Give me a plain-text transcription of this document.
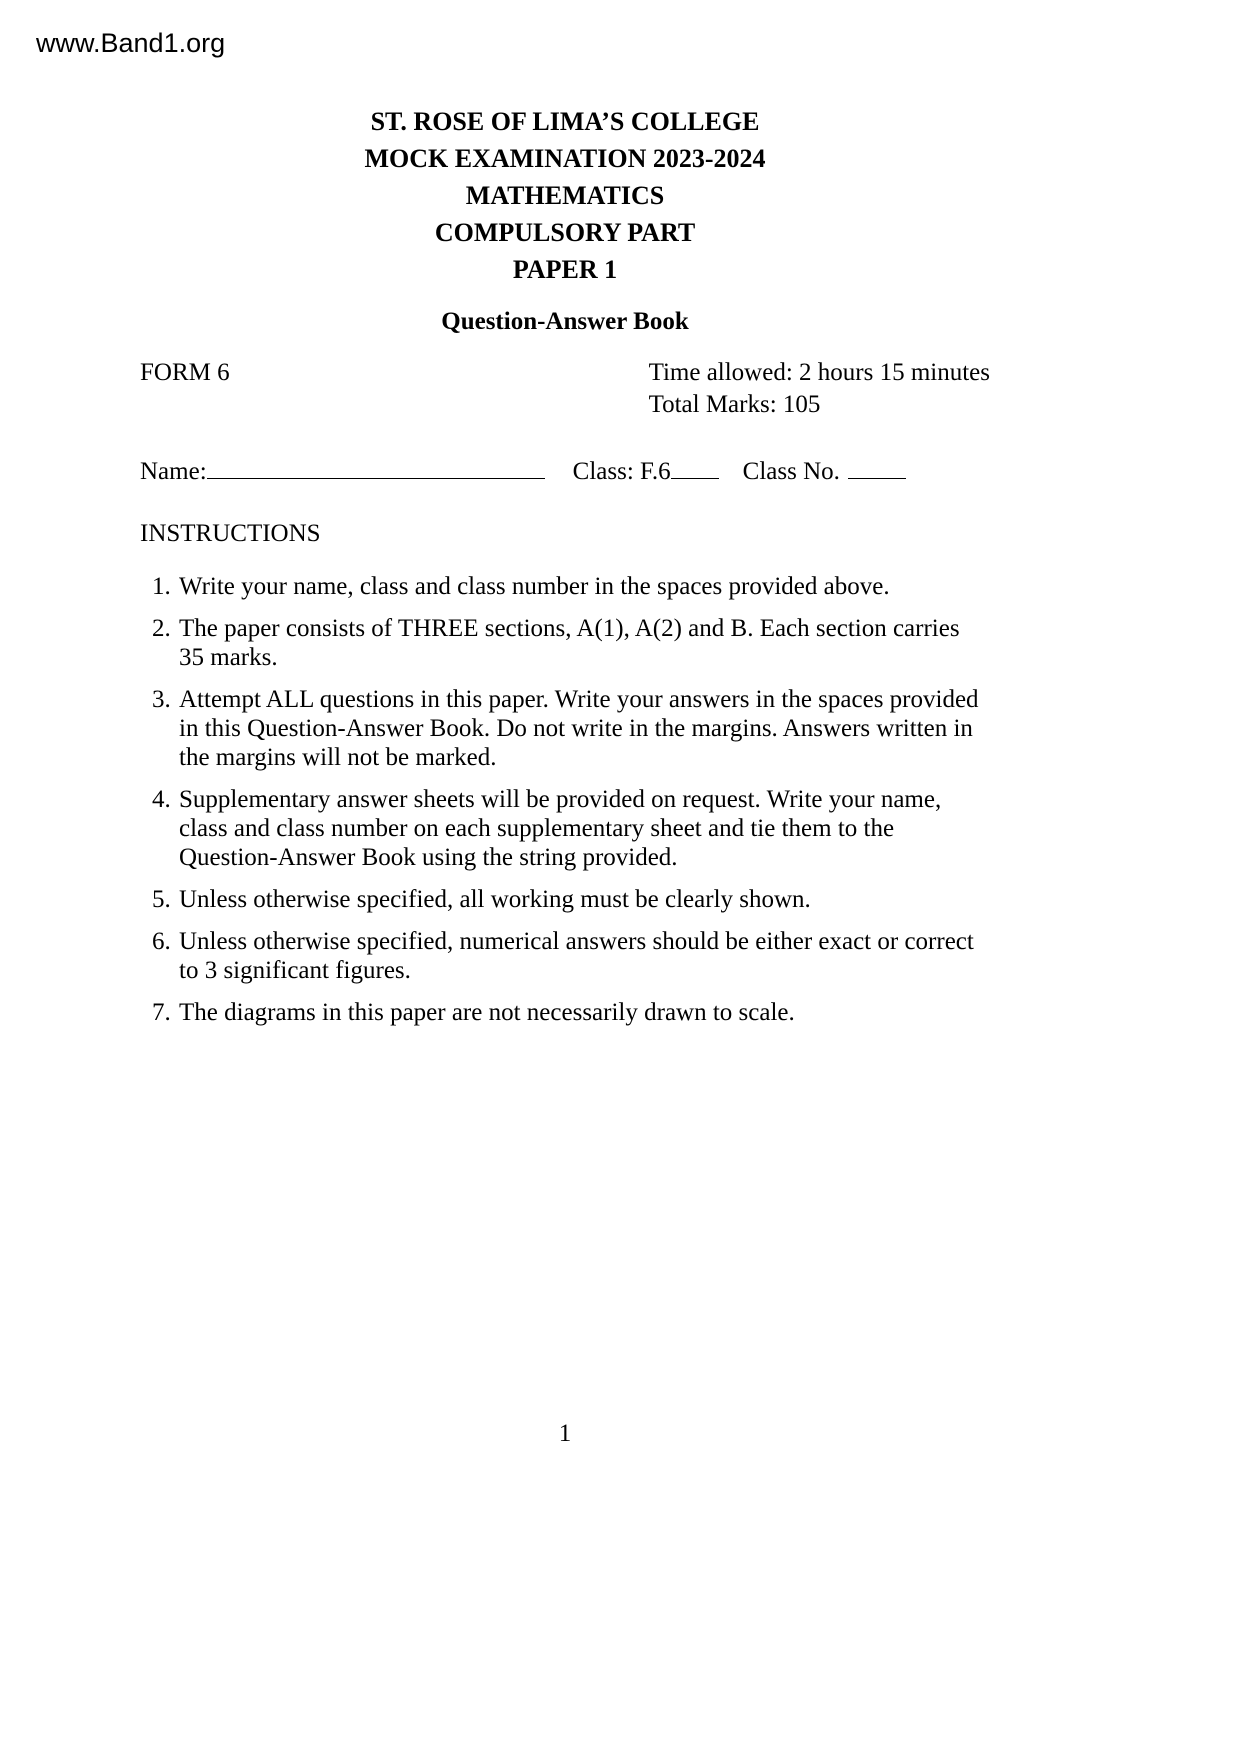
www.Band1.org
ST. ROSE OF LIMA’S COLLEGE
MOCK EXAMINATION 2023-2024
MATHEMATICS
COMPULSORY PART
PAPER 1
Question-Answer Book
FORM 6	Time allowed: 2 hours 15 minutes
Total Marks: 105
Name:	Class: F.6	Class No.
INSTRUCTIONS
1. Write your name, class and class number in the spaces provided above.
2. The paper consists of THREE sections, A(1), A(2) and B. Each section carries 35 marks.
3. Attempt ALL questions in this paper. Write your answers in the spaces provided in this Question-Answer Book. Do not write in the margins. Answers written in the margins will not be marked.
4. Supplementary answer sheets will be provided on request. Write your name, class and class number on each supplementary sheet and tie them to the Question-Answer Book using the string provided.
5. Unless otherwise specified, all working must be clearly shown.
6. Unless otherwise specified, numerical answers should be either exact or correct to 3 significant figures.
7. The diagrams in this paper are not necessarily drawn to scale.
1
